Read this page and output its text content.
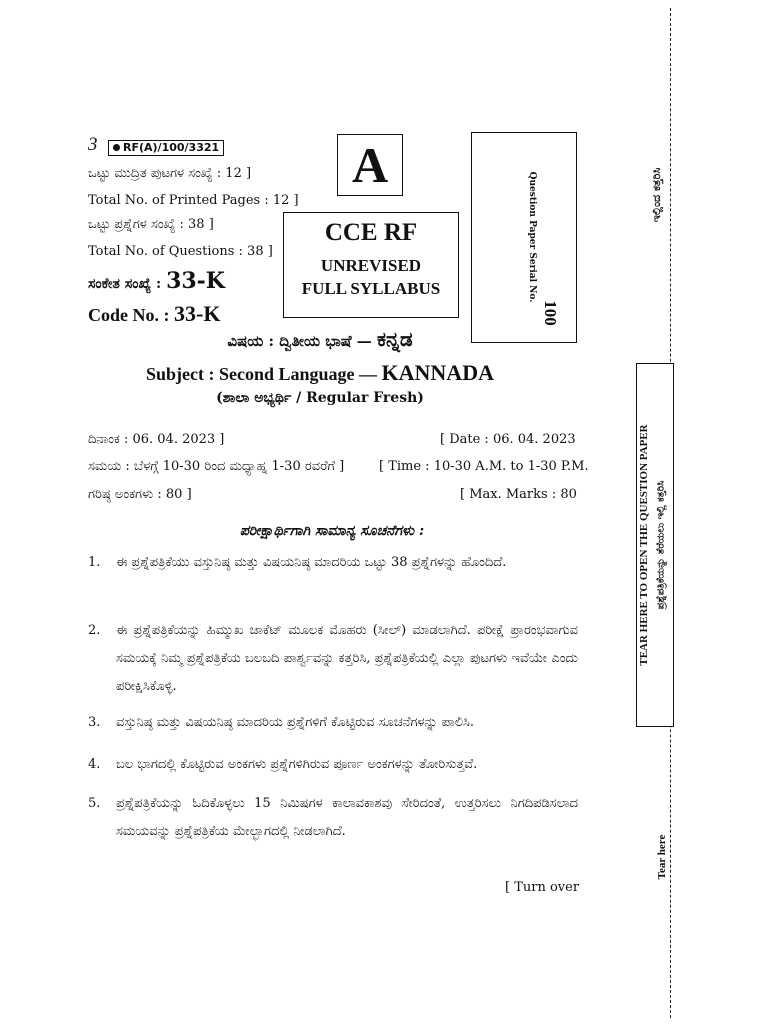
ಇಲ್ಲಿಂದ ಕತ್ತರಿಸಿ
TEAR HERE TO OPEN THE QUESTION PAPER ಪ್ರಶ್ನೆಪತ್ರಿಕೆಯನ್ನು ತೆರೆಯಲು ಇಲ್ಲಿ ಕತ್ತರಿಸಿ
Tear here
3	RF(A)/100/3321
ಒಟ್ಟು ಮುದ್ರಿತ ಪುಟಗಳ ಸಂಖ್ಯೆ : 12 ]
Total No. of Printed Pages : 12 ]
ಒಟ್ಟು ಪ್ರಶ್ನೆಗಳ ಸಂಖ್ಯೆ : 38 ]
Total No. of Questions : 38 ]
ಸಂಕೇತ ಸಂಖ್ಯೆ : 33-K
Code No. : 33-K
A
CCE RF
UNREVISED
FULL SYLLABUS	Question Paper Serial No.
100
ವಿಷಯ : ದ್ವಿತೀಯ ಭಾಷೆ — ಕನ್ನಡ
Subject : Second Language — KANNADA
(ಶಾಲಾ ಅಭ್ಯರ್ಥಿ / Regular Fresh)
ದಿನಾಂಕ : 06. 04. 2023 ]	[ Date : 06. 04. 2023
ಸಮಯ : ಬೆಳಗ್ಗೆ 10-30 ರಿಂದ ಮಧ್ಯಾಹ್ನ 1-30 ರವರೆಗೆ ]	[ Time : 10-30 A.M. to 1-30 P.M.
ಗರಿಷ್ಠ ಅಂಕಗಳು : 80 ]	[ Max. Marks : 80
ಪರೀಕ್ಷಾರ್ಥಿಗಾಗಿ ಸಾಮಾನ್ಯ ಸೂಚನೆಗಳು :
1. ಈ ಪ್ರಶ್ನೆಪತ್ರಿಕೆಯು ವಸ್ತುನಿಷ್ಠ ಮತ್ತು ವಿಷಯನಿಷ್ಠ ಮಾದರಿಯ ಒಟ್ಟು 38 ಪ್ರಶ್ನೆಗಳನ್ನು ಹೊಂದಿದೆ.
2. ಈ ಪ್ರಶ್ನೆಪತ್ರಿಕೆಯನ್ನು ಹಿಮ್ಮುಖ ಜಾಕೆಟ್ ಮೂಲಕ ಮೊಹರು (ಸೀಲ್) ಮಾಡಲಾಗಿದೆ. ಪರೀಕ್ಷೆ ಪ್ರಾರಂಭವಾಗುವ ಸಮಯಕ್ಕೆ ನಿಮ್ಮ ಪ್ರಶ್ನೆಪತ್ರಿಕೆಯ ಬಲಬದಿ ಪಾರ್ಶ್ವವನ್ನು ಕತ್ತರಿಸಿ, ಪ್ರಶ್ನೆಪತ್ರಿಕೆಯಲ್ಲಿ ಎಲ್ಲಾ ಪುಟಗಳು ಇವೆಯೇ ಎಂದು ಪರೀಕ್ಷಿಸಿಕೊಳ್ಳಿ.
3. ವಸ್ತುನಿಷ್ಠ ಮತ್ತು ವಿಷಯನಿಷ್ಠ ಮಾದರಿಯ ಪ್ರಶ್ನೆಗಳಿಗೆ ಕೊಟ್ಟಿರುವ ಸೂಚನೆಗಳನ್ನು ಪಾಲಿಸಿ.
4. ಬಲ ಭಾಗದಲ್ಲಿ ಕೊಟ್ಟಿರುವ ಅಂಕಗಳು ಪ್ರಶ್ನೆಗಳಿಗಿರುವ ಪೂರ್ಣ ಅಂಕಗಳನ್ನು ತೋರಿಸುತ್ತವೆ.
5. ಪ್ರಶ್ನೆಪತ್ರಿಕೆಯನ್ನು ಓದಿಕೊಳ್ಳಲು 15 ನಿಮಿಷಗಳ ಕಾಲಾವಕಾಶವು ಸೇರಿದಂತೆ, ಉತ್ತರಿಸಲು ನಿಗದಿಪಡಿಸಲಾದ ಸಮಯವನ್ನು ಪ್ರಶ್ನೆಪತ್ರಿಕೆಯ ಮೇಲ್ಭಾಗದಲ್ಲಿ ನೀಡಲಾಗಿದೆ.
[ Turn over
